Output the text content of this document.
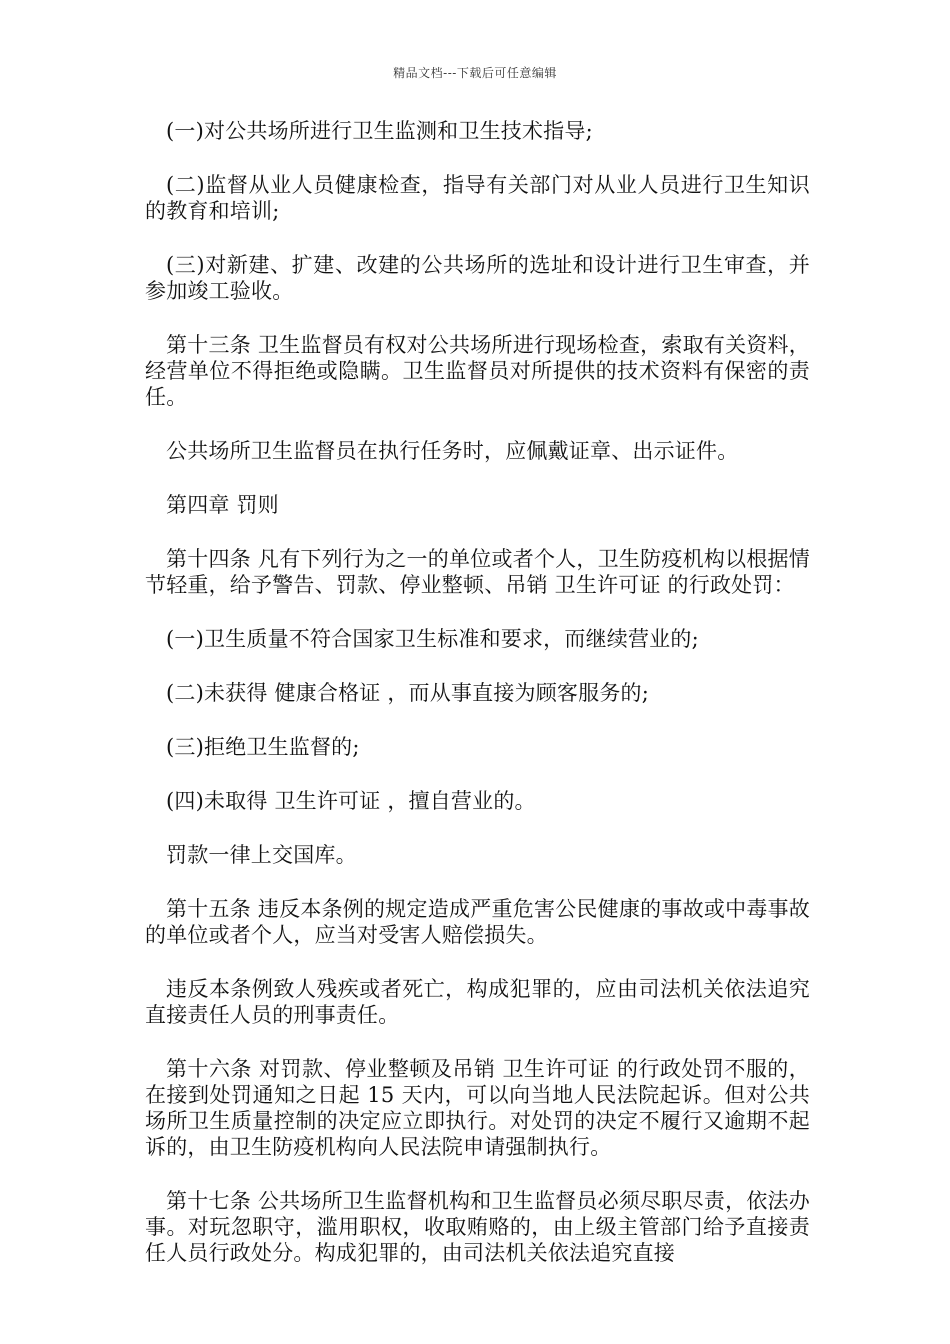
精品文档---下载后可任意编辑

(一)对公共场所进行卫生监测和卫生技术指导;

(二)监督从业人员健康检查，指导有关部门对从业人员进行卫生知识的教育和培训;

(三)对新建、扩建、改建的公共场所的选址和设计进行卫生审查，并参加竣工验收。

第十三条 卫生监督员有权对公共场所进行现场检查，索取有关资料，经营单位不得拒绝或隐瞒。卫生监督员对所提供的技术资料有保密的责任。

公共场所卫生监督员在执行任务时，应佩戴证章、出示证件。

第四章 罚则

第十四条 凡有下列行为之一的单位或者个人，卫生防疫机构以根据情节轻重，给予警告、罚款、停业整顿、吊销 卫生许可证 的行政处罚：

(一)卫生质量不符合国家卫生标准和要求，而继续营业的;

(二)未获得 健康合格证 ，而从事直接为顾客服务的;

(三)拒绝卫生监督的;

(四)未取得 卫生许可证 ，擅自营业的。

罚款一律上交国库。

第十五条 违反本条例的规定造成严重危害公民健康的事故或中毒事故的单位或者个人，应当对受害人赔偿损失。

违反本条例致人残疾或者死亡，构成犯罪的，应由司法机关依法追究直接责任人员的刑事责任。

第十六条 对罚款、停业整顿及吊销 卫生许可证 的行政处罚不服的，在接到处罚通知之日起 15 天内，可以向当地人民法院起诉。但对公共场所卫生质量控制的决定应立即执行。对处罚的决定不履行又逾期不起诉的，由卫生防疫机构向人民法院申请强制执行。

第十七条 公共场所卫生监督机构和卫生监督员必须尽职尽责，依法办事。对玩忽职守，滥用职权，收取贿赂的，由上级主管部门给予直接责任人员行政处分。构成犯罪的，由司法机关依法追究直接
